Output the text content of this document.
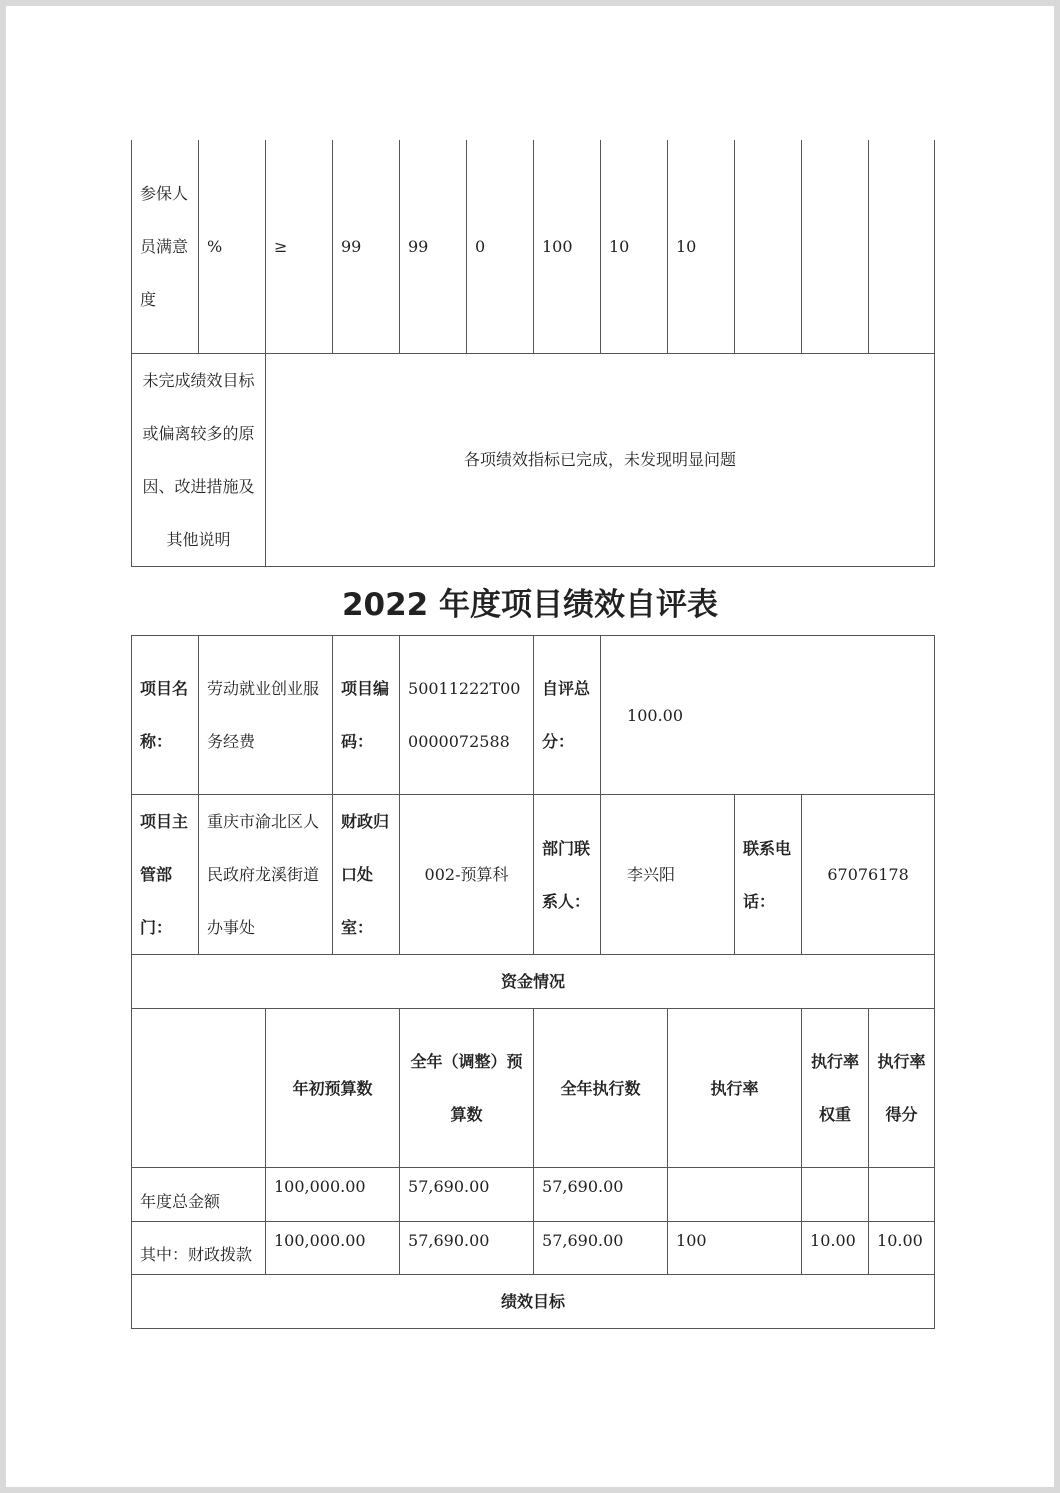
参保人员满意度	%	≥	99	99	0	100	10	10			
未完成绩效目标或偏离较多的原因、改进措施及其他说明		各项绩效指标已完成，未发现明显问题									
2022 年度项目绩效自评表
项目名称：	劳动就业创业服务经费		项目编码：	50011222T000000072588	自评总分：	100.00				
项目主管部门：	重庆市渝北区人民政府龙溪街道办事处		财政归口处室：	002-预算科	部门联系人：	李兴阳		联系电话：	67076178	
资金情况										
		年初预算数		全年（调整）预算数	全年执行数		执行率		执行率权重	执行率得分
年度总金额		100,000.00		57,690.00	57,690.00					
其中：财政拨款		100,000.00		57,690.00	57,690.00		100		10.00	10.00
绩效目标										
